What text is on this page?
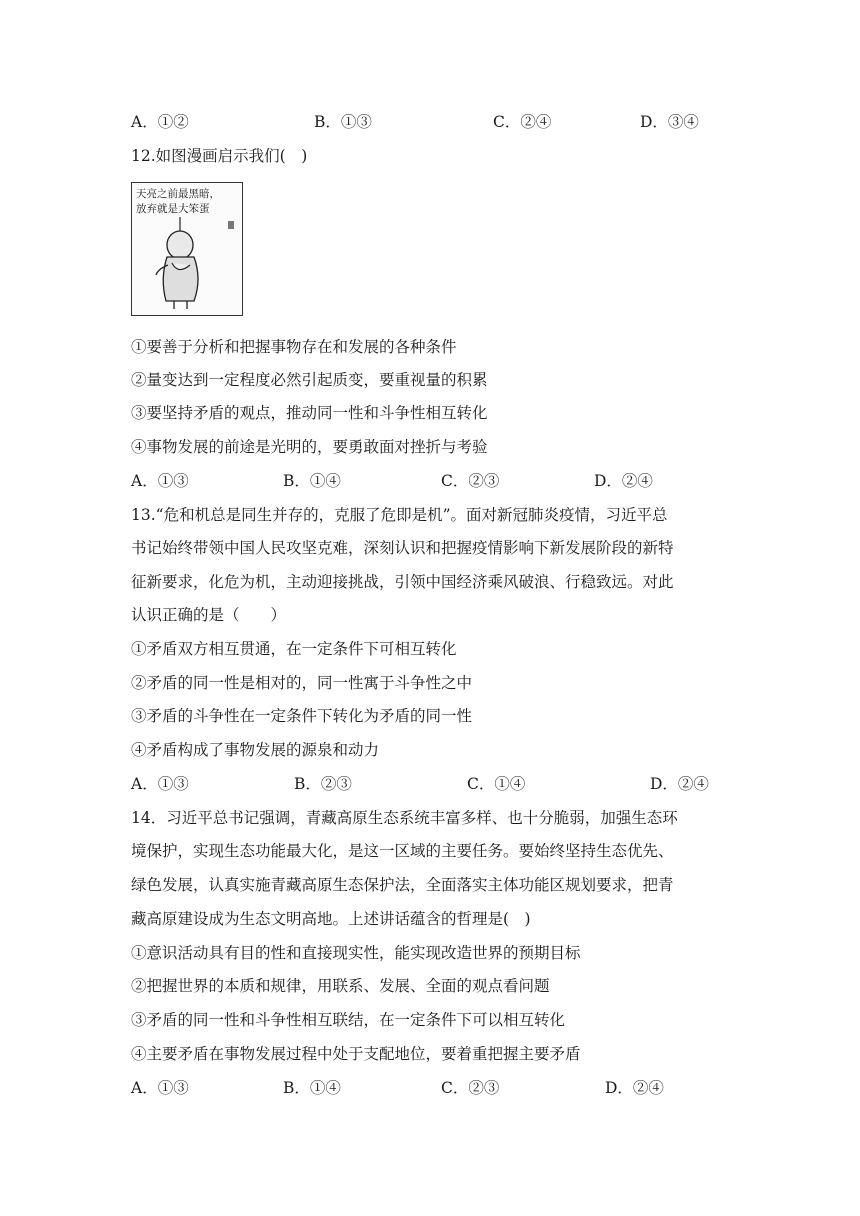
A．①②	B．①③	C．②④	D．③④
12.如图漫画启示我们(　)
天亮之前最黑暗，
放弃就是大笨蛋
①要善于分析和把握事物存在和发展的各种条件
②量变达到一定程度必然引起质变，要重视量的积累
③要坚持矛盾的观点，推动同一性和斗争性相互转化
④事物发展的前途是光明的，要勇敢面对挫折与考验
A．①③	B．①④	C．②③	D．②④
13.“危和机总是同生并存的，克服了危即是机”。面对新冠肺炎疫情，习近平总
书记始终带领中国人民攻坚克难，深刻认识和把握疫情影响下新发展阶段的新特
征新要求，化危为机，主动迎接挑战，引领中国经济乘风破浪、行稳致远。对此
认识正确的是（　　）
①矛盾双方相互贯通，在一定条件下可相互转化
②矛盾的同一性是相对的，同一性寓于斗争性之中
③矛盾的斗争性在一定条件下转化为矛盾的同一性
④矛盾构成了事物发展的源泉和动力
A．①③	B．②③	C．①④	D．②④
14．习近平总书记强调，青藏高原生态系统丰富多样、也十分脆弱，加强生态环
境保护，实现生态功能最大化，是这一区域的主要任务。要始终坚持生态优先、
绿色发展，认真实施青藏高原生态保护法，全面落实主体功能区规划要求，把青
藏高原建设成为生态文明高地。上述讲话蕴含的哲理是(　)
①意识活动具有目的性和直接现实性，能实现改造世界的预期目标
②把握世界的本质和规律，用联系、发展、全面的观点看问题
③矛盾的同一性和斗争性相互联结，在一定条件下可以相互转化
④主要矛盾在事物发展过程中处于支配地位，要着重把握主要矛盾
A．①③	B．①④	C．②③	D．②④
